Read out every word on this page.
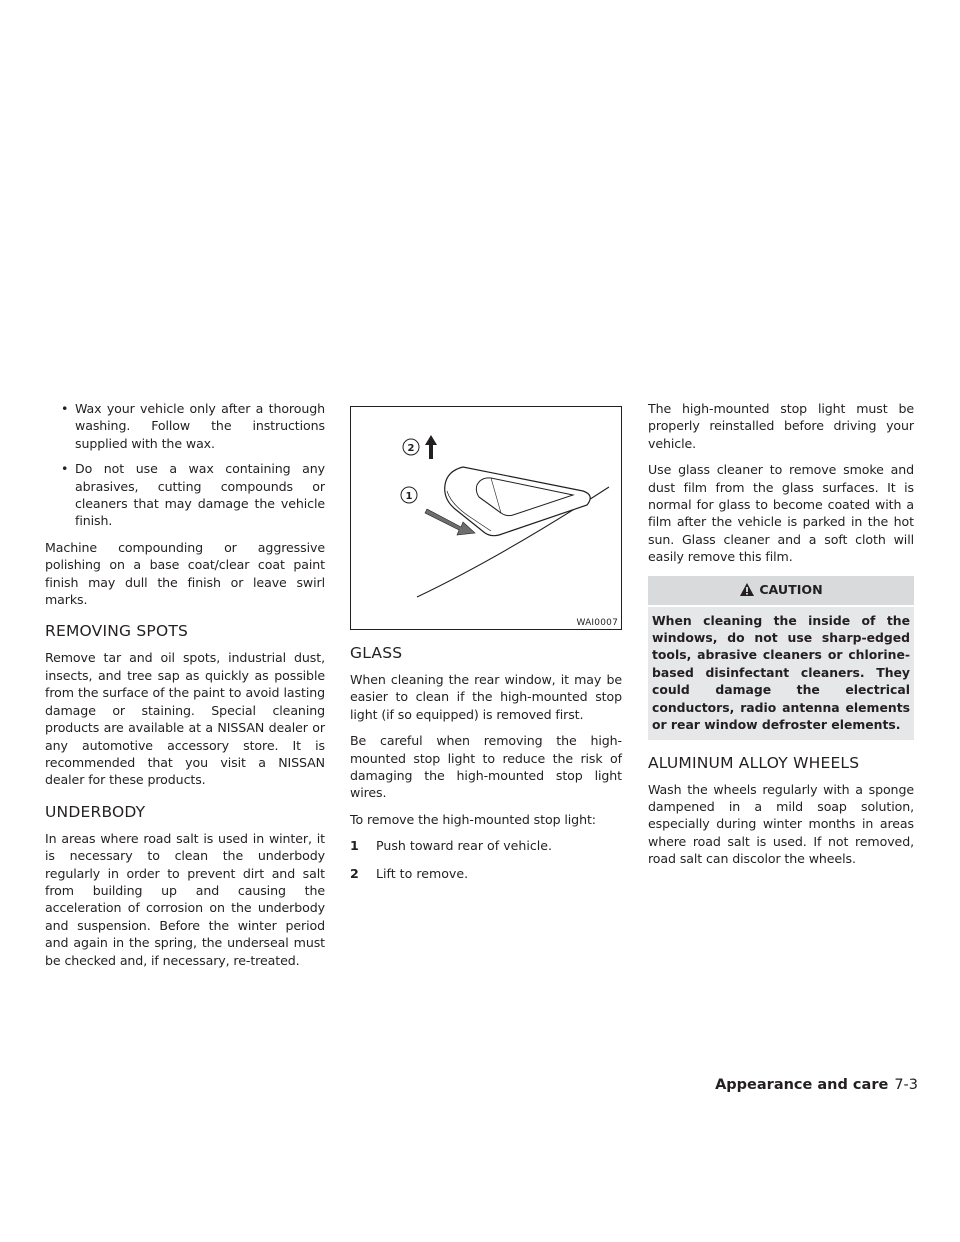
• Wax your vehicle only after a thorough washing. Follow the instructions supplied with the wax.
• Do not use a wax containing any abrasives, cutting compounds or cleaners that may damage the vehicle finish.

Machine compounding or aggressive polishing on a base coat/clear coat paint finish may dull the finish or leave swirl marks.

REMOVING SPOTS

Remove tar and oil spots, industrial dust, insects, and tree sap as quickly as possible from the surface of the paint to avoid lasting damage or staining. Special cleaning products are available at a NISSAN dealer or any automotive accessory store. It is recommended that you visit a NISSAN dealer for these products.

UNDERBODY

In areas where road salt is used in winter, it is necessary to clean the underbody regularly in order to prevent dirt and salt from building up and causing the acceleration of corrosion on the underbody and suspension. Before the winter period and again in the spring, the underseal must be checked and, if necessary, re-treated.

2
1
WAI0007
GLASS

When cleaning the rear window, it may be easier to clean if the high-mounted stop light (if so equipped) is removed first.

Be careful when removing the high-mounted stop light to reduce the risk of damaging the high-mounted stop light wires.

To remove the high-mounted stop light:

1	Push toward rear of vehicle.
2	Lift to remove.

The high-mounted stop light must be properly reinstalled before driving your vehicle.

Use glass cleaner to remove smoke and dust film from the glass surfaces. It is normal for glass to become coated with a film after the vehicle is parked in the hot sun. Glass cleaner and a soft cloth will easily remove this film.

CAUTION
When cleaning the inside of the windows, do not use sharp-edged tools, abrasive cleaners or chlorine-based disinfectant cleaners. They could damage the electrical conductors, radio antenna elements or rear window defroster elements.
ALUMINUM ALLOY WHEELS

Wash the wheels regularly with a sponge dampened in a mild soap solution, especially during winter months in areas where road salt is used. If not removed, road salt can discolor the wheels.

Appearance and care 7-3
